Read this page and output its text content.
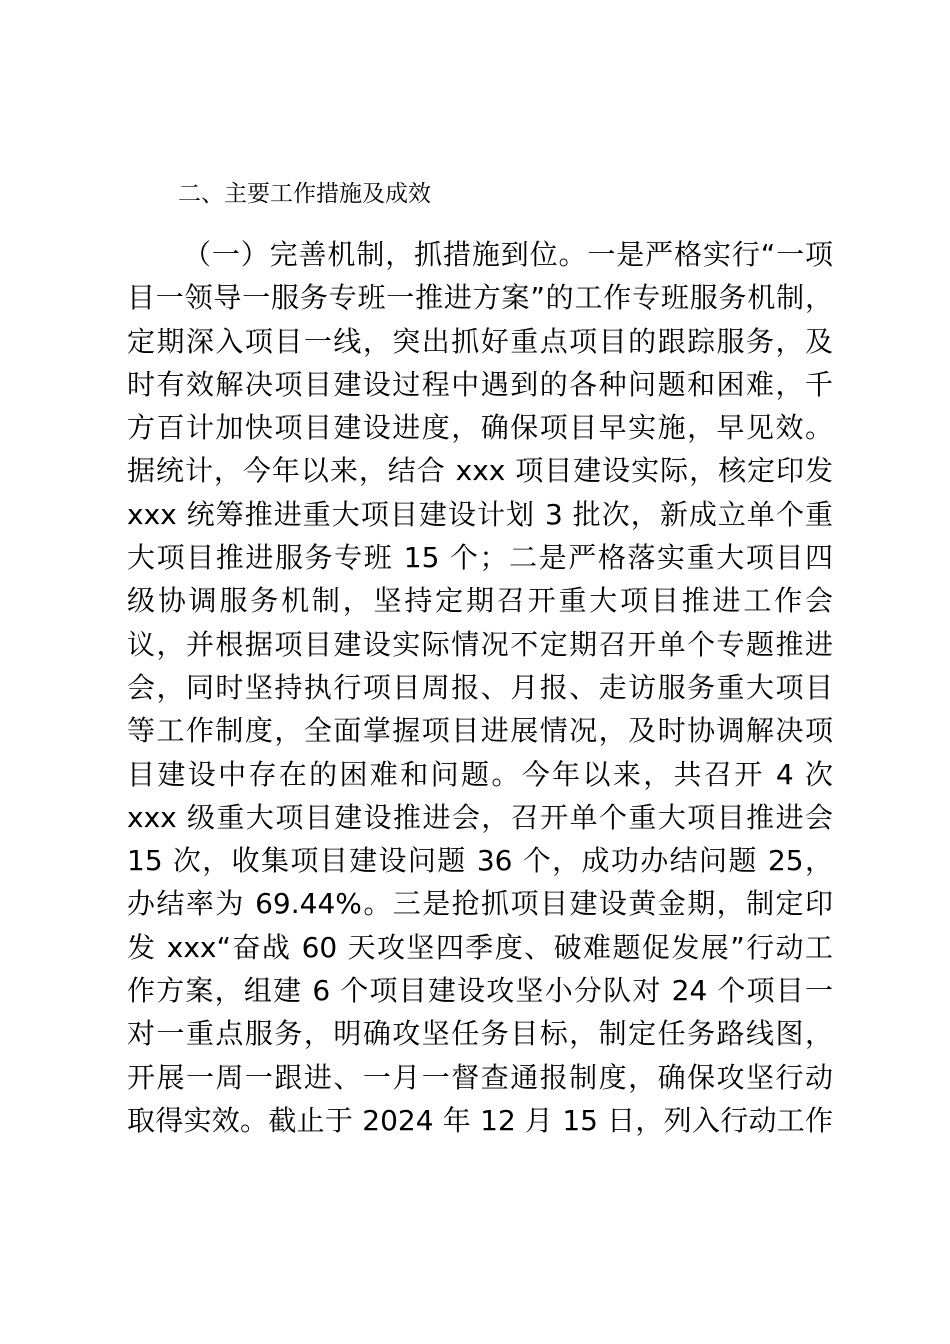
二、主要工作措施及成效
（一）完善机制，抓措施到位。一是严格实行“一项
目一领导一服务专班一推进方案”的工作专班服务机制，
定期深入项目一线，突出抓好重点项目的跟踪服务，及
时有效解决项目建设过程中遇到的各种问题和困难，千
方百计加快项目建设进度，确保项目早实施，早见效。
据统计，今年以来，结合 xxx 项目建设实际，核定印发
xxx 统筹推进重大项目建设计划 3 批次，新成立单个重
大项目推进服务专班 15 个；二是严格落实重大项目四
级协调服务机制，坚持定期召开重大项目推进工作会
议，并根据项目建设实际情况不定期召开单个专题推进
会，同时坚持执行项目周报、月报、走访服务重大项目
等工作制度，全面掌握项目进展情况，及时协调解决项
目建设中存在的困难和问题。今年以来，共召开 4 次
xxx 级重大项目建设推进会，召开单个重大项目推进会
15 次，收集项目建设问题 36 个，成功办结问题 25，
办结率为 69.44%。三是抢抓项目建设黄金期，制定印
发 xxx“奋战 60 天攻坚四季度、破难题促发展”行动工
作方案，组建 6 个项目建设攻坚小分队对 24 个项目一
对一重点服务，明确攻坚任务目标，制定任务路线图，
开展一周一跟进、一月一督查通报制度，确保攻坚行动
取得实效。截止于 2024 年 12 月 15 日，列入行动工作
